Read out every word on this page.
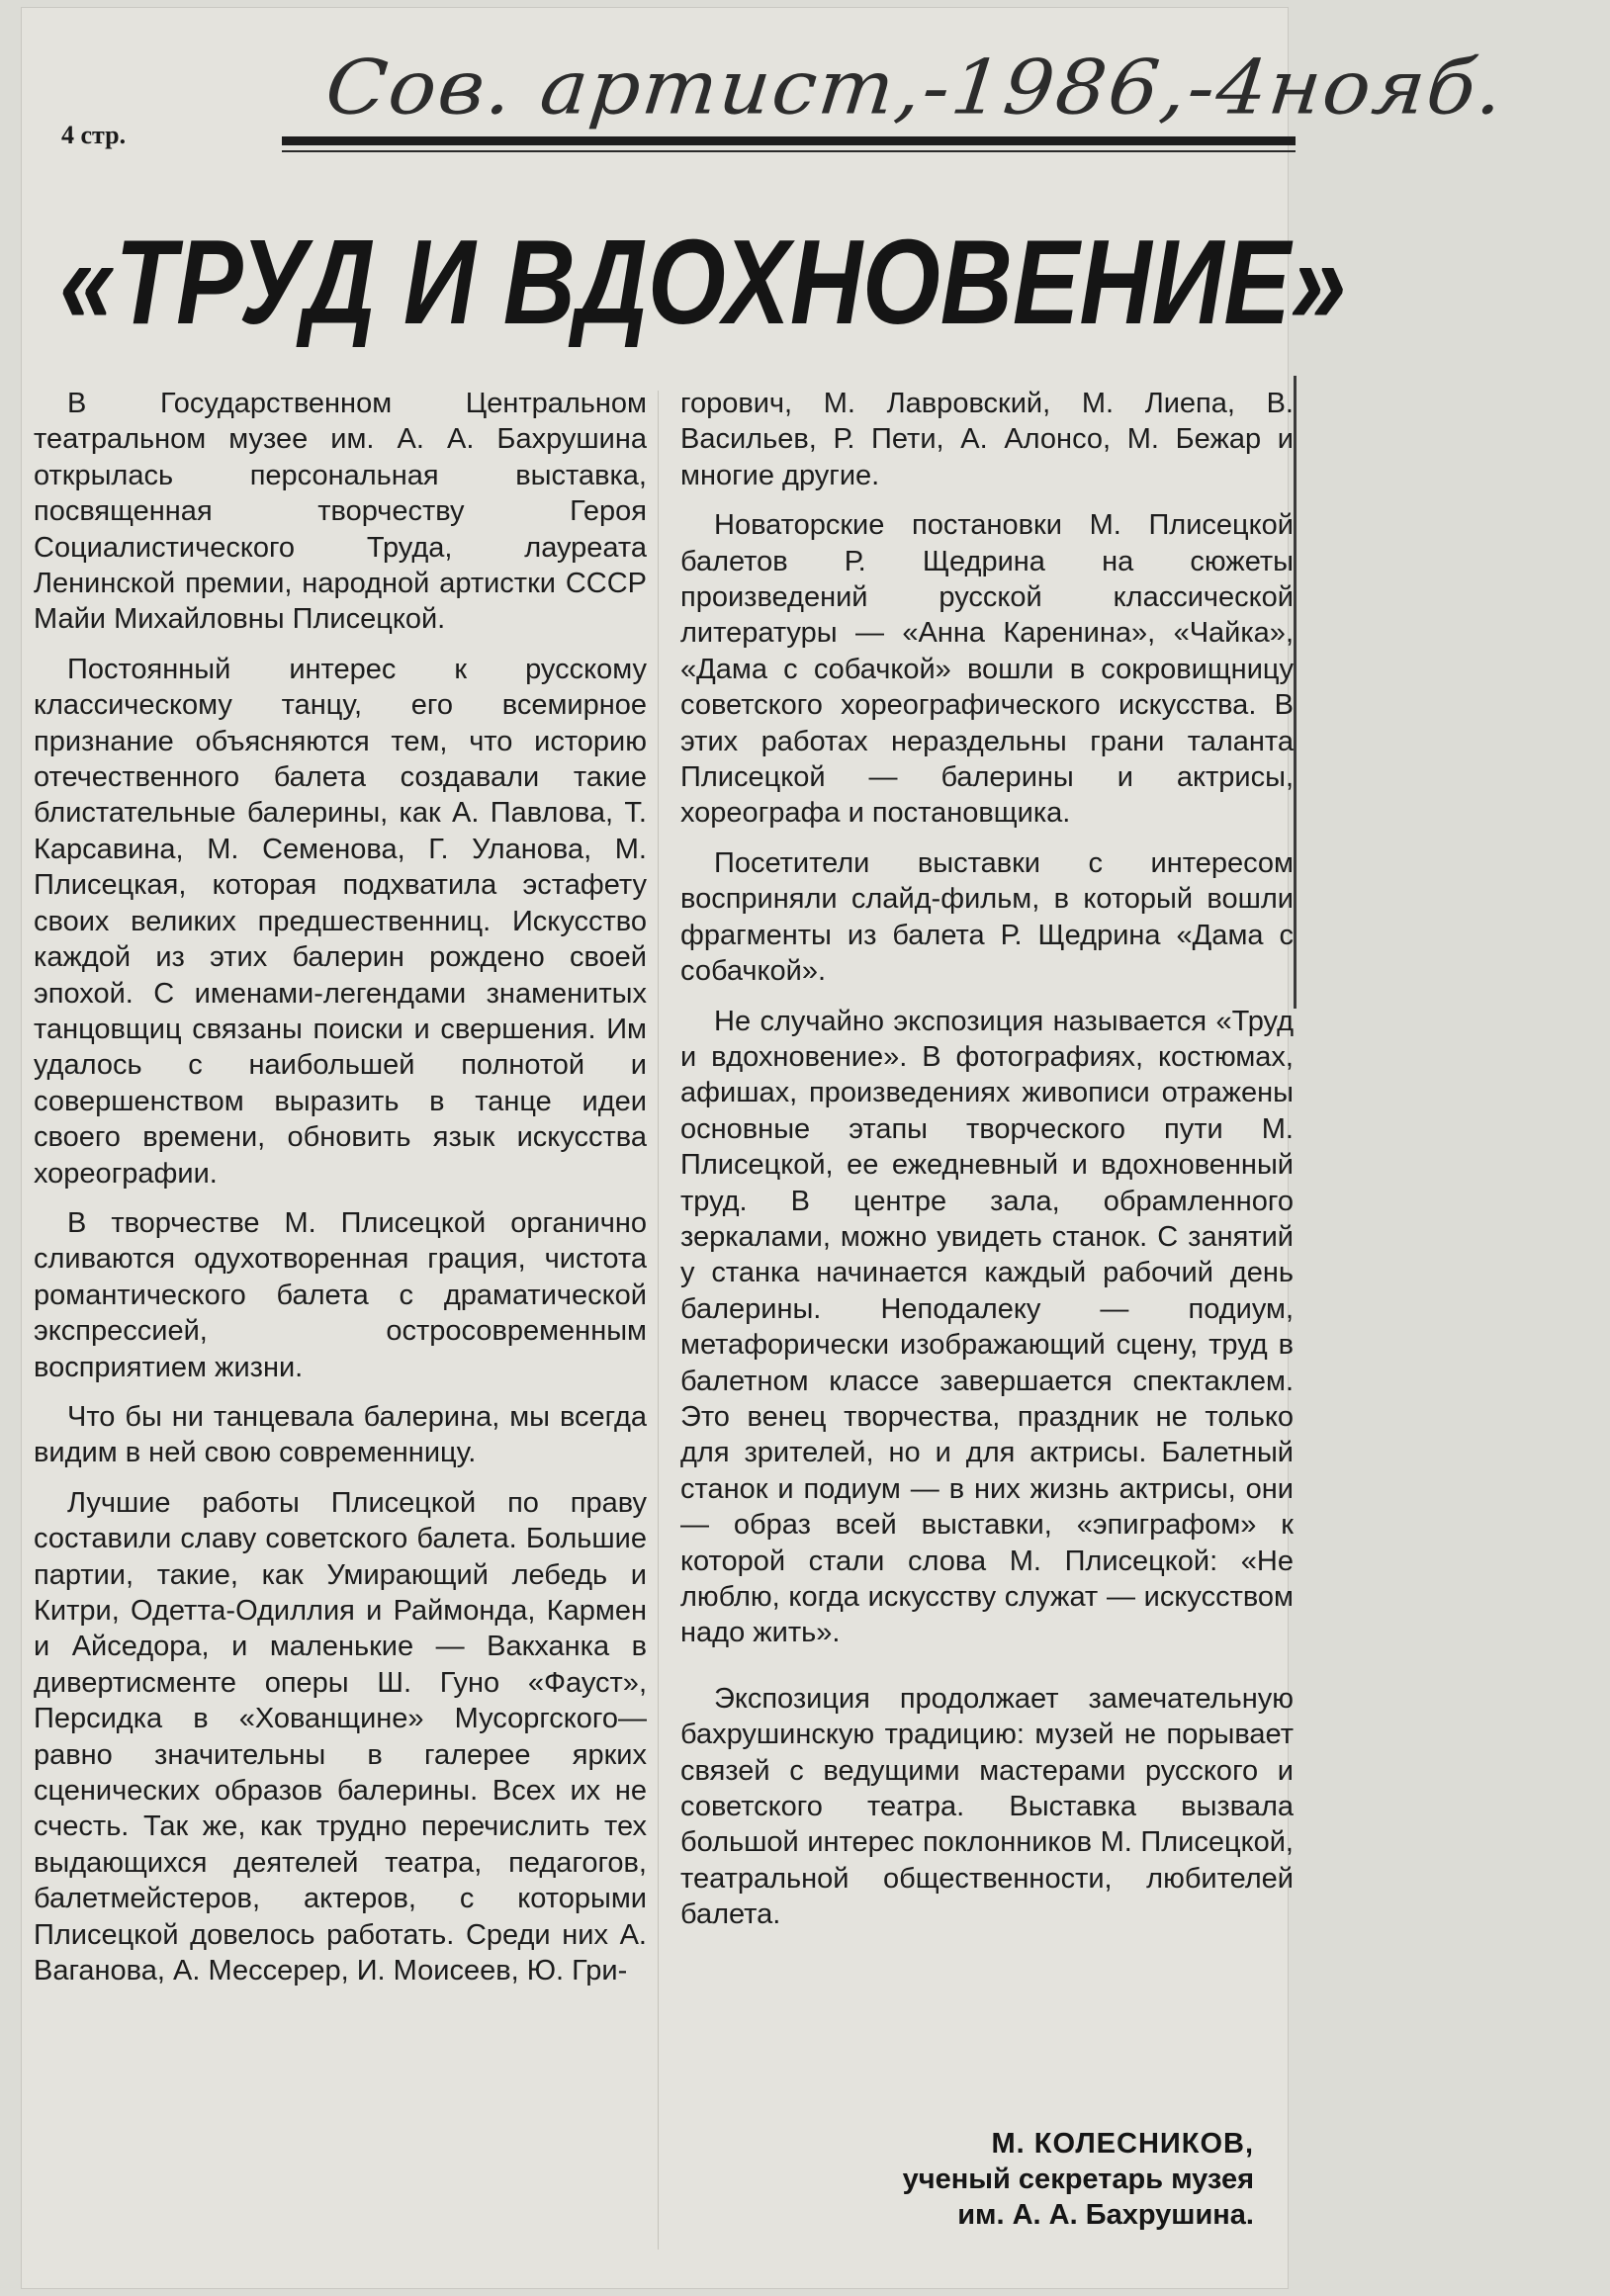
Сов. артист,-1986,-4нояб.
4 стр.
«ТРУД И ВДОХНОВЕНИЕ»

В Государственном Центральном театральном музее им. А. А. Бахрушина открылась персональная выставка, посвященная творчеству Героя Социалистического Труда, лауреата Ленинской премии, народной артистки СССР Майи Михайловны Плисецкой.

Постоянный интерес к русскому классическому танцу, его всемирное признание объясняются тем, что историю отечественного балета создавали такие блистательные балерины, как А. Павлова, Т. Карсавина, М. Семенова, Г. Уланова, М. Плисецкая, которая подхватила эстафету своих великих предшественниц. Искусство каждой из этих балерин рождено своей эпохой. С именами-легендами знаменитых танцовщиц связаны поиски и свершения. Им удалось с наибольшей полнотой и совершенством выразить в танце идеи своего времени, обновить язык искусства хореографии.

В творчестве М. Плисецкой органично сливаются одухотворенная грация, чистота романтического балета с драматической экспрессией, остросовременным восприятием жизни.

Что бы ни танцевала балерина, мы всегда видим в ней свою современницу.

Лучшие работы Плисецкой по праву составили славу советского балета. Большие партии, такие, как Умирающий лебедь и Китри, Одетта-Одиллия и Раймонда, Кармен и Айседора, и маленькие — Вакханка в дивертисменте оперы Ш. Гуно «Фауст», Персидка в «Хованщине» Мусоргского—равно значительны в галерее ярких сценических образов балерины. Всех их не счесть. Так же, как трудно перечислить тех выдающихся деятелей театра, педагогов, балетмейстеров, актеров, с которыми Плисецкой довелось работать. Среди них А. Ваганова, А. Мессерер, И. Моисеев, Ю. Гри-

горович, М. Лавровский, М. Лиепа, В. Васильев, Р. Пети, А. Алонсо, М. Бежар и многие другие.

Новаторские постановки М. Плисецкой балетов Р. Щедрина на сюжеты произведений русской классической литературы — «Анна Каренина», «Чайка», «Дама с собачкой» вошли в сокровищницу советского хореографического искусства. В этих работах нераздельны грани таланта Плисецкой — балерины и актрисы, хореографа и постановщика.

Посетители выставки с интересом восприняли слайд-фильм, в который вошли фрагменты из балета Р. Щедрина «Дама с собачкой».

Не случайно экспозиция называется «Труд и вдохновение». В фотографиях, костюмах, афишах, произведениях живописи отражены основные этапы творческого пути М. Плисецкой, ее ежедневный и вдохновенный труд. В центре зала, обрамленного зеркалами, можно увидеть станок. С занятий у станка начинается каждый рабочий день балерины. Неподалеку — подиум, метафорически изображающий сцену, труд в балетном классе завершается спектаклем. Это венец творчества, праздник не только для зрителей, но и для актрисы. Балетный станок и подиум — в них жизнь актрисы, они — образ всей выставки, «эпиграфом» к которой стали слова М. Плисецкой: «Не люблю, когда искусству служат — искусством надо жить».

Экспозиция продолжает замечательную бахрушинскую традицию: музей не порывает связей с ведущими мастерами русского и советского театра. Выставка вызвала большой интерес поклонников М. Плисецкой, театральной общественности, любителей балета.

М. КОЛЕСНИКОВ,
ученый секретарь музея
им. А. А. Бахрушина.
